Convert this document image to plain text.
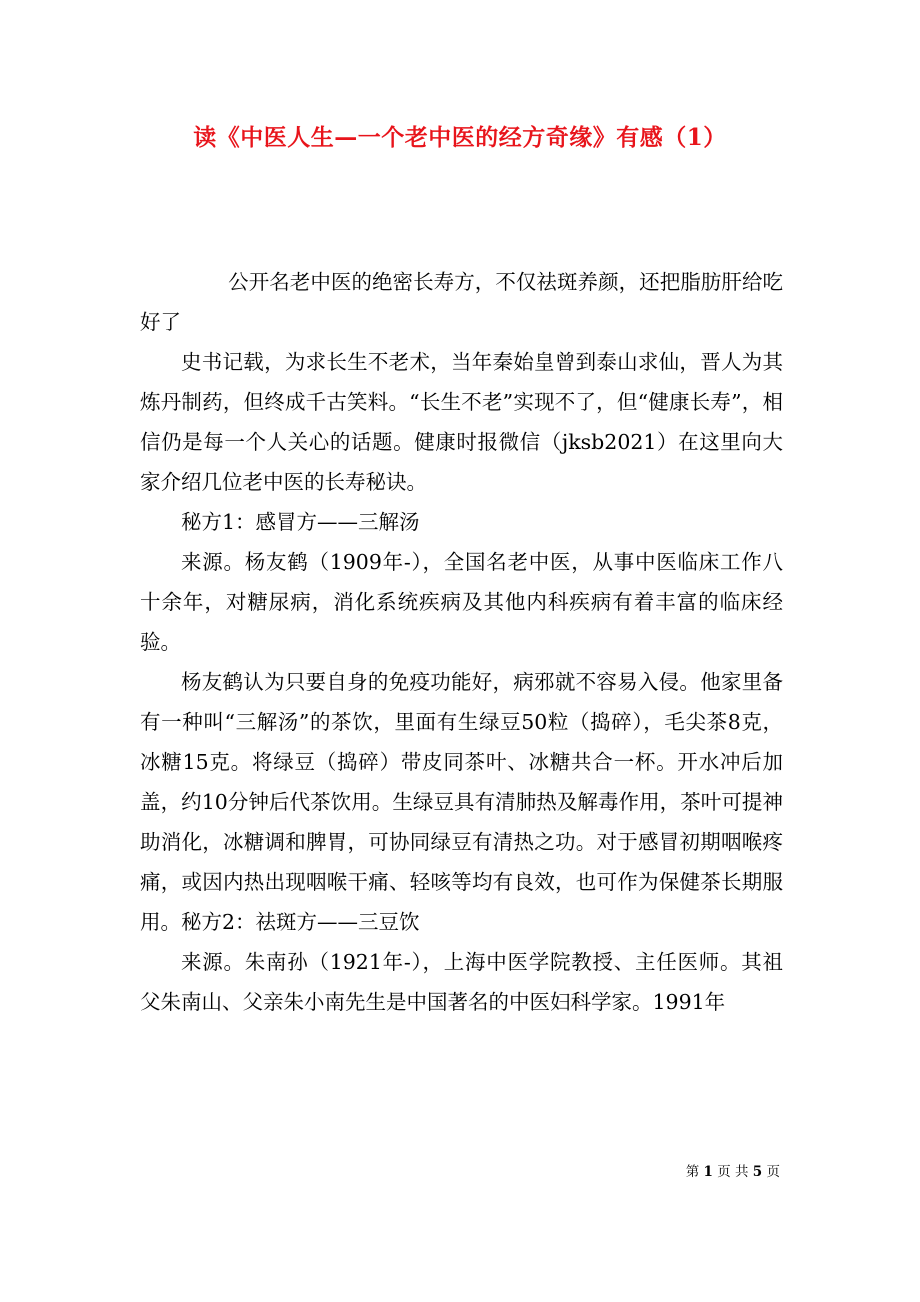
读《中医人生—一个老中医的经方奇缘》有感（1）

公开名老中医的绝密长寿方，不仅祛斑养颜，还把脂肪肝给吃好了

史书记载，为求长生不老术，当年秦始皇曾到泰山求仙，晋人为其炼丹制药，但终成千古笑料。“长生不老”实现不了，但“健康长寿”，相信仍是每一个人关心的话题。健康时报微信（jksb2021）在这里向大家介绍几位老中医的长寿秘诀。

秘方1：感冒方——三解汤

来源。杨友鹤（1909年-），全国名老中医，从事中医临床工作八十余年，对糖尿病，消化系统疾病及其他内科疾病有着丰富的临床经验。

杨友鹤认为只要自身的免疫功能好，病邪就不容易入侵。他家里备有一种叫“三解汤”的茶饮，里面有生绿豆50粒（捣碎），毛尖茶8克，冰糖15克。将绿豆（捣碎）带皮同茶叶、冰糖共合一杯。开水冲后加盖，约10分钟后代茶饮用。生绿豆具有清肺热及解毒作用，茶叶可提神助消化，冰糖调和脾胃，可协同绿豆有清热之功。对于感冒初期咽喉疼痛，或因内热出现咽喉干痛、轻咳等均有良效，也可作为保健茶长期服用。秘方2：祛斑方——三豆饮

来源。朱南孙（1921年-），上海中医学院教授、主任医师。其祖父朱南山、父亲朱小南先生是中国著名的中医妇科学家。1991年

第 1 页 共 5 页
